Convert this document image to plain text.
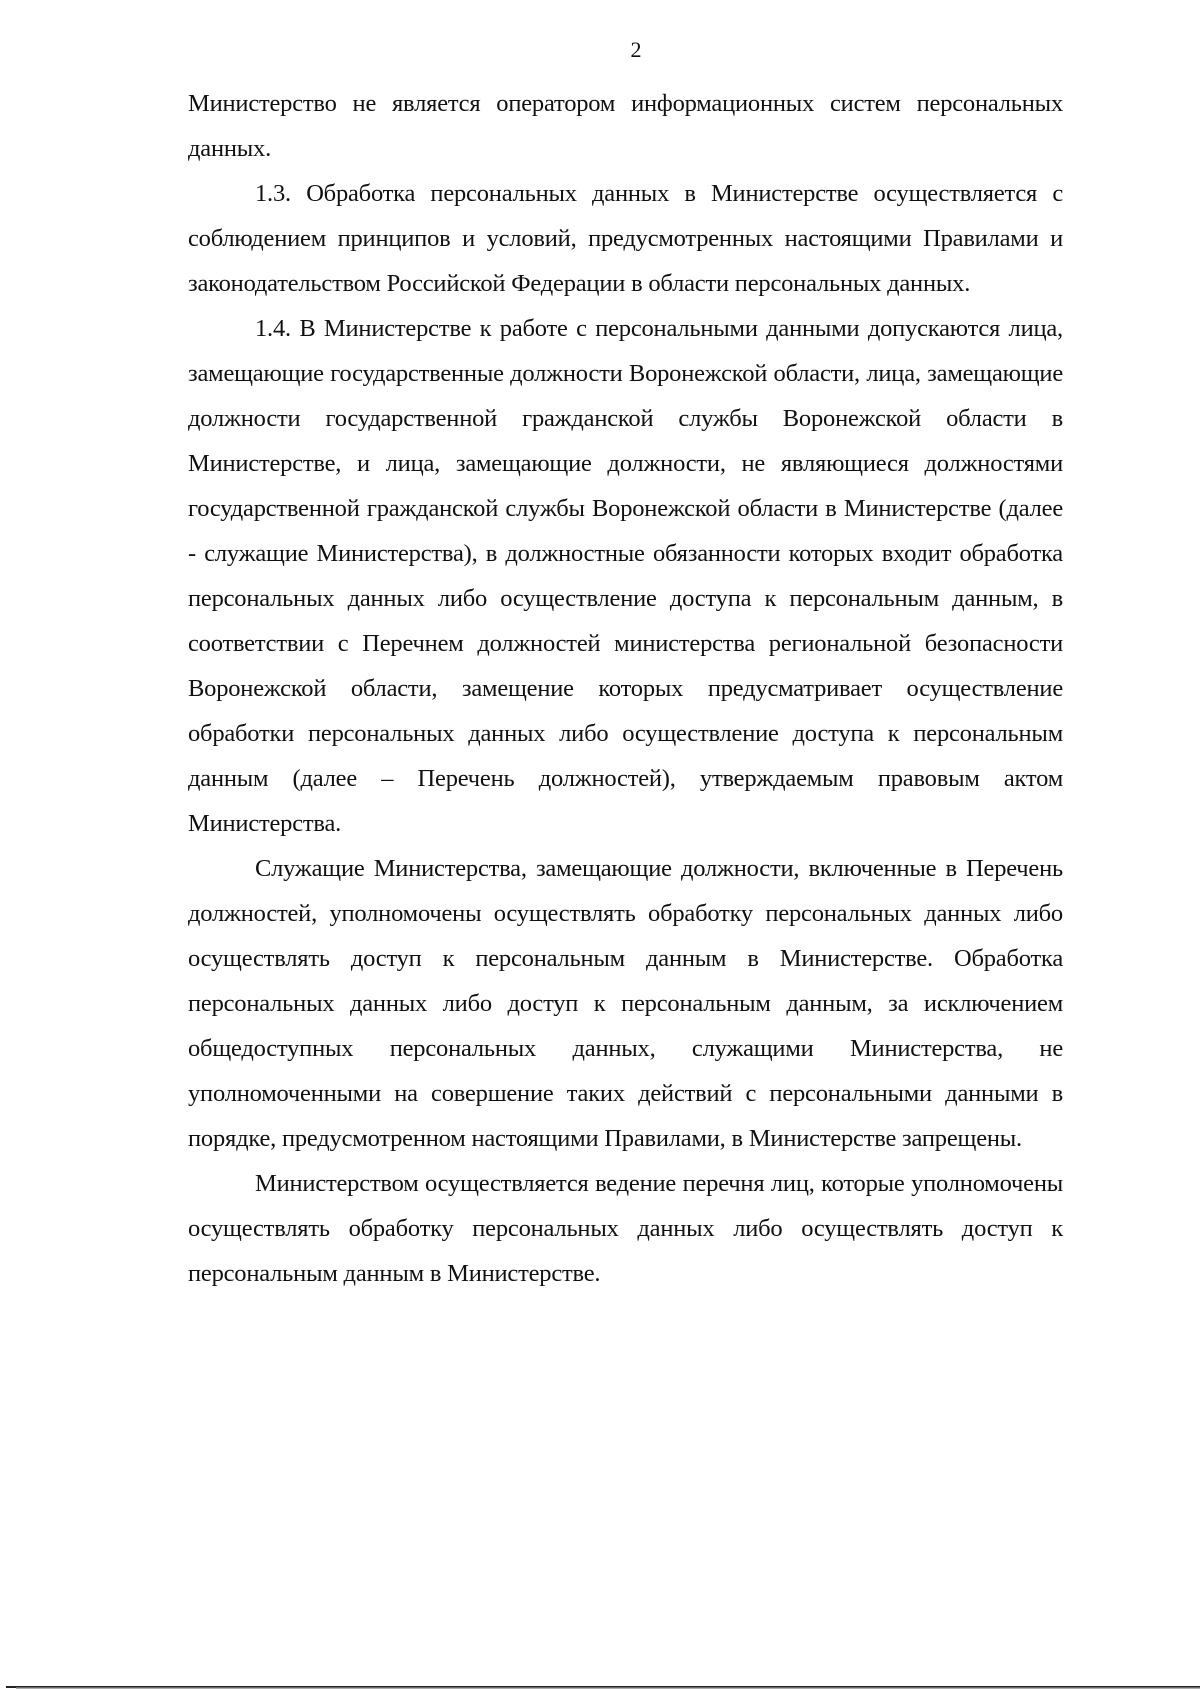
2

Министерство не является оператором информационных систем персональных данных.

1.3. Обработка персональных данных в Министерстве осуществляется с соблюдением принципов и условий, предусмотренных настоящими Правилами и законодательством Российской Федерации в области персональных данных.

1.4. В Министерстве к работе с персональными данными допускаются лица, замещающие государственные должности Воронежской области, лица, замещающие должности государственной гражданской службы Воронежской области в Министерстве, и лица, замещающие должности, не являющиеся должностями государственной гражданской службы Воронежской области в Министерстве (далее - служащие Министерства), в должностные обязанности которых входит обработка персональных данных либо осуществление доступа к персональным данным, в соответствии с Перечнем должностей министерства региональной безопасности Воронежской области, замещение которых предусматривает осуществление обработки персональных данных либо осуществление доступа к персональным данным (далее – Перечень должностей), утверждаемым правовым актом Министерства.

Служащие Министерства, замещающие должности, включенные в Перечень должностей, уполномочены осуществлять обработку персональных данных либо осуществлять доступ к персональным данным в Министерстве. Обработка персональных данных либо доступ к персональным данным, за исключением общедоступных персональных данных, служащими Министерства, не уполномоченными на совершение таких действий с персональными данными в порядке, предусмотренном настоящими Правилами, в Министерстве запрещены.

Министерством осуществляется ведение перечня лиц, которые уполномочены осуществлять обработку персональных данных либо осуществлять доступ к персональным данным в Министерстве.
